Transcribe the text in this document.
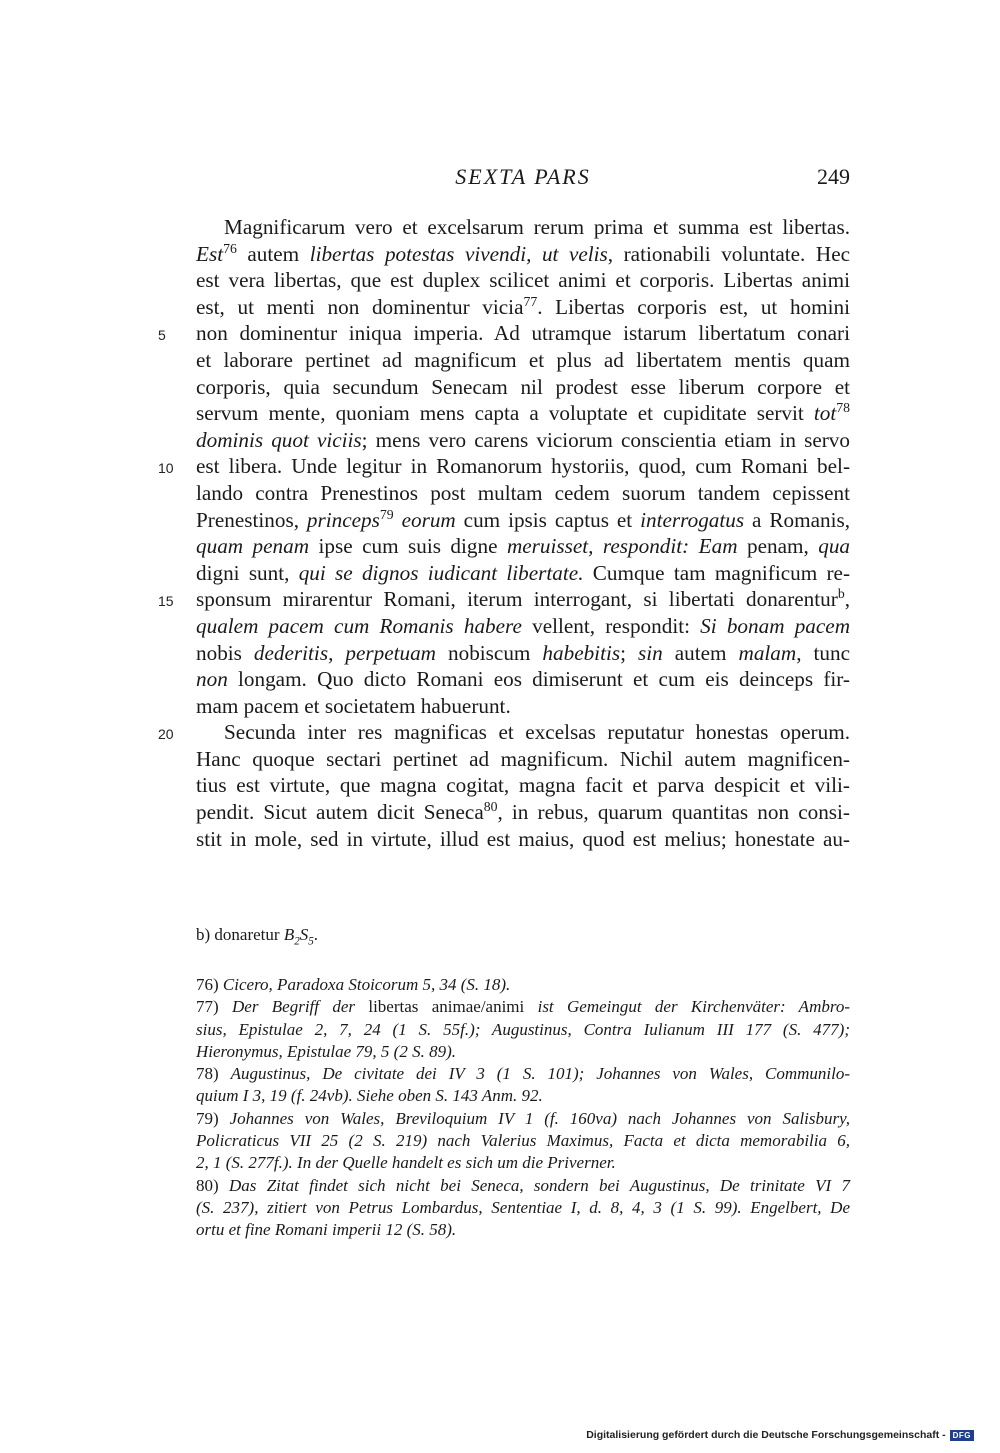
SEXTA PARS	249
5
10
15
20
Magnificarum vero et excelsarum rerum prima et summa est libertas.
Est$^{76}$ autem libertas potestas vivendi, ut velis, rationabili voluntate. Hec
est vera libertas, que est duplex scilicet animi et corporis. Libertas animi
est, ut menti non dominentur vicia$^{77}$. Libertas corporis est, ut homini
non dominentur iniqua imperia. Ad utramque istarum libertatum conari
et laborare pertinet ad magnificum et plus ad libertatem mentis quam
corporis, quia secundum Senecam nil prodest esse liberum corpore et
servum mente, quoniam mens capta a voluptate et cupiditate servit tot$^{78}$
dominis quot viciis; mens vero carens viciorum conscientia etiam in servo
est libera. Unde legitur in Romanorum hystoriis, quod, cum Romani bel-
lando contra Prenestinos post multam cedem suorum tandem cepissent
Prenestinos, princeps$^{79}$ eorum cum ipsis captus et interrogatus a Romanis,
quam penam ipse cum suis digne meruisset, respondit: Eam penam, qua
digni sunt, qui se dignos iudicant libertate. Cumque tam magnificum re-
sponsum mirarentur Romani, iterum interrogant, si libertati donarentur$^b$,
qualem pacem cum Romanis habere vellent, respondit: Si bonam pacem
nobis dederitis, perpetuam nobiscum habebitis; sin autem malam, tunc
non longam. Quo dicto Romani eos dimiserunt et cum eis deinceps fir-
mam pacem et societatem habuerunt.
Secunda inter res magnificas et excelsas reputatur honestas operum.
Hanc quoque sectari pertinet ad magnificum. Nichil autem magnificen-
tius est virtute, que magna cogitat, magna facit et parva despicit et vili-
pendit. Sicut autem dicit Seneca$^{80}$, in rebus, quarum quantitas non consi-
stit in mole, sed in virtute, illud est maius, quod est melius; honestate au-
b) donaretur $B_2S_5$.
76) Cicero, Paradoxa Stoicorum 5, 34 (S. 18).
77) Der Begriff der libertas animae/animi ist Gemeingut der Kirchenväter: Ambro-
sius, Epistulae 2, 7, 24 (1 S. 55f.); Augustinus, Contra Iulianum III 177 (S. 477);
Hieronymus, Epistulae 79, 5 (2 S. 89).
78) Augustinus, De civitate dei IV 3 (1 S. 101); Johannes von Wales, Communilo-
quium I 3, 19 (f. 24vb). Siehe oben S. 143 Anm. 92.
79) Johannes von Wales, Breviloquium IV 1 (f. 160va) nach Johannes von Salisbury,
Policraticus VII 25 (2 S. 219) nach Valerius Maximus, Facta et dicta memorabilia 6,
2, 1 (S. 277f.). In der Quelle handelt es sich um die Priverner.
80) Das Zitat findet sich nicht bei Seneca, sondern bei Augustinus, De trinitate VI 7
(S. 237), zitiert von Petrus Lombardus, Sententiae I, d. 8, 4, 3 (1 S. 99). Engelbert, De
ortu et fine Romani imperii 12 (S. 58).
Digitalisierung gefördert durch die Deutsche Forschungsgemeinschaft - DFG
